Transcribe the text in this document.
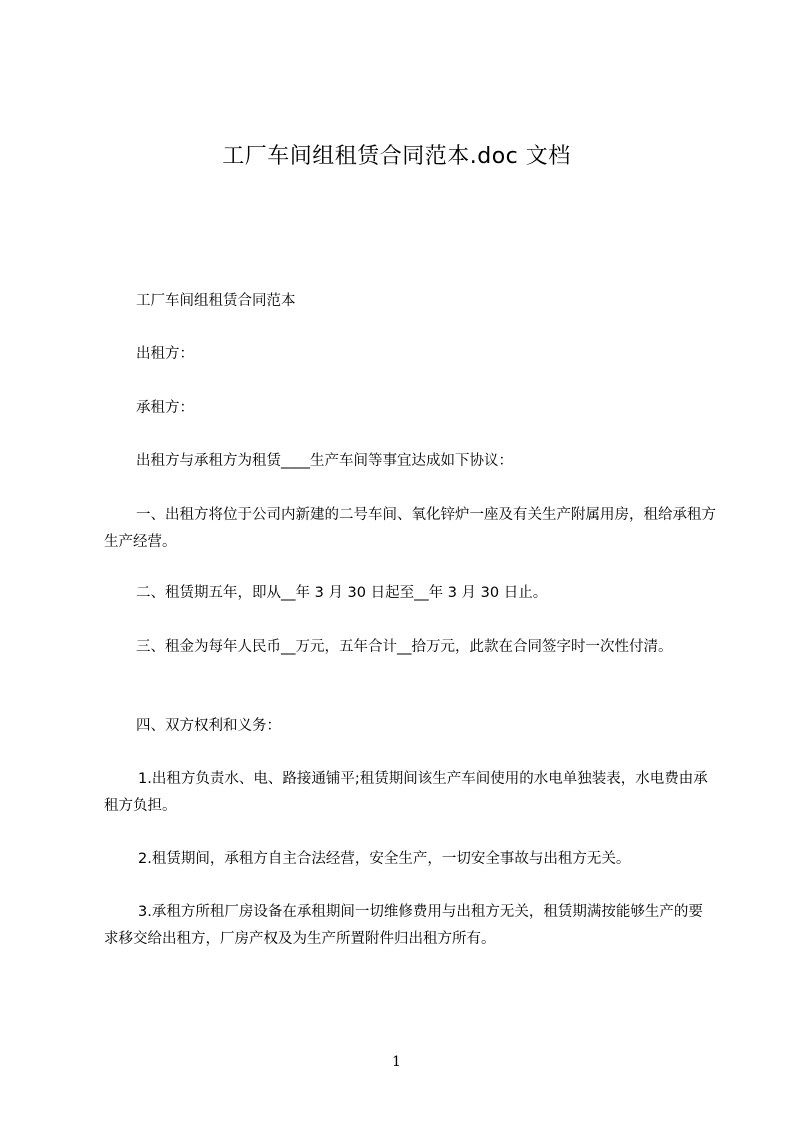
工厂车间组租赁合同范本.doc 文档
工厂车间组租赁合同范本
出租方：
承租方：
出租方与承租方为租赁____生产车间等事宜达成如下协议：
一、出租方将位于公司内新建的二号车间、氧化锌炉一座及有关生产附属用房，租给承租方生产经营。
二、租赁期五年，即从__年 3 月 30 日起至__年 3 月 30 日止。
三、租金为每年人民币__万元，五年合计__拾万元，此款在合同签字时一次性付清。
四、双方权利和义务：
1.出租方负责水、电、路接通铺平;租赁期间该生产车间使用的水电单独装表，水电费由承租方负担。
2.租赁期间，承租方自主合法经营，安全生产，一切安全事故与出租方无关。
3.承租方所租厂房设备在承租期间一切维修费用与出租方无关，租赁期满按能够生产的要求移交给出租方，厂房产权及为生产所置附件归出租方所有。
1
